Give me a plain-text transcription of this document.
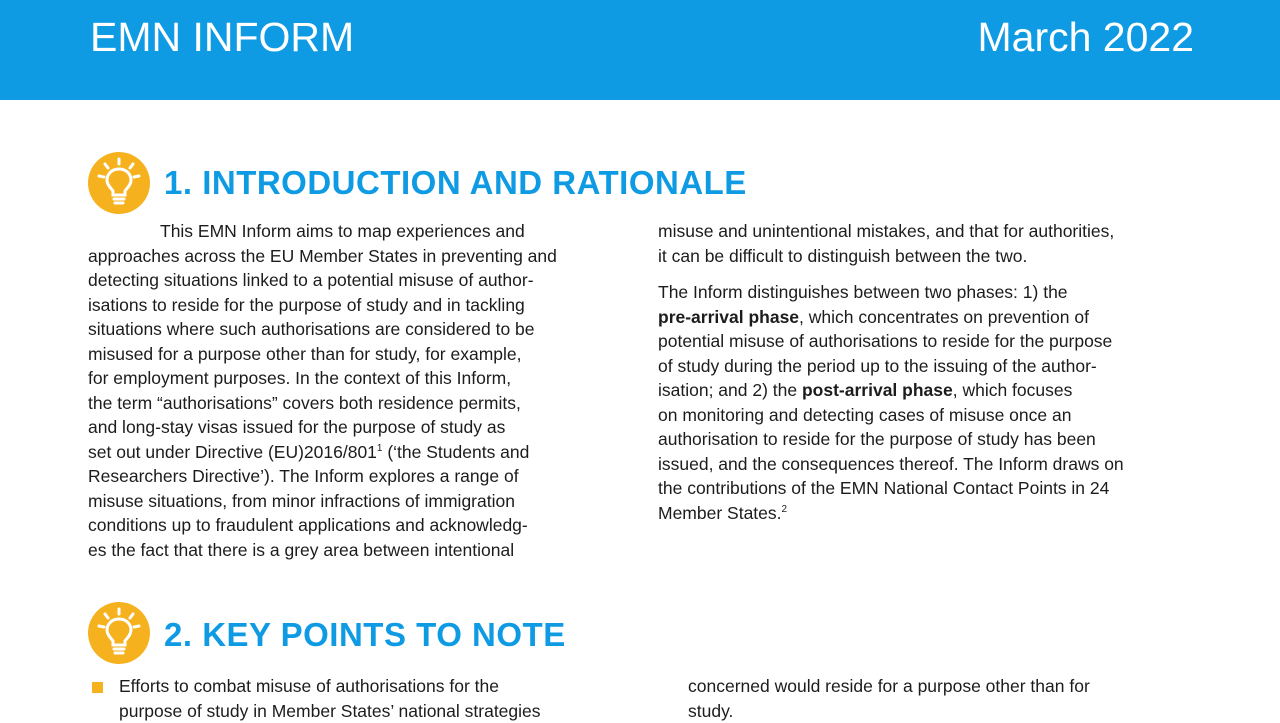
EMN INFORM	March 2022
1. INTRODUCTION AND RATIONALE
This EMN Inform aims to map experiences and
approaches across the EU Member States in preventing and
detecting situations linked to a potential misuse of author-
isations to reside for the purpose of study and in tackling
situations where such authorisations are considered to be
misused for a purpose other than for study, for example,
for employment purposes. In the context of this Inform,
the term “authorisations” covers both residence permits,
and long-stay visas issued for the purpose of study as
set out under Directive $(EU)2016/801^1$ (‘the Students and
Researchers Directive’). The Inform explores a range of
misuse situations, from minor infractions of immigration
conditions up to fraudulent applications and acknowledg-
es the fact that there is a grey area between intentional
misuse and unintentional mistakes, and that for authorities,
it can be difficult to distinguish between the two.
The Inform distinguishes between two phases: 1) the
pre-arrival phase, which concentrates on prevention of
potential misuse of authorisations to reside for the purpose
of study during the period up to the issuing of the author-
isation; and 2) the post-arrival phase, which focuses
on monitoring and detecting cases of misuse once an
authorisation to reside for the purpose of study has been
issued, and the consequences thereof. The Inform draws on
the contributions of the EMN National Contact Points in 24
Member States.$^2$
2. KEY POINTS TO NOTE
Efforts to combat misuse of authorisations for the
purpose of study in Member States’ national strategies
concerned would reside for a purpose other than for
study.
